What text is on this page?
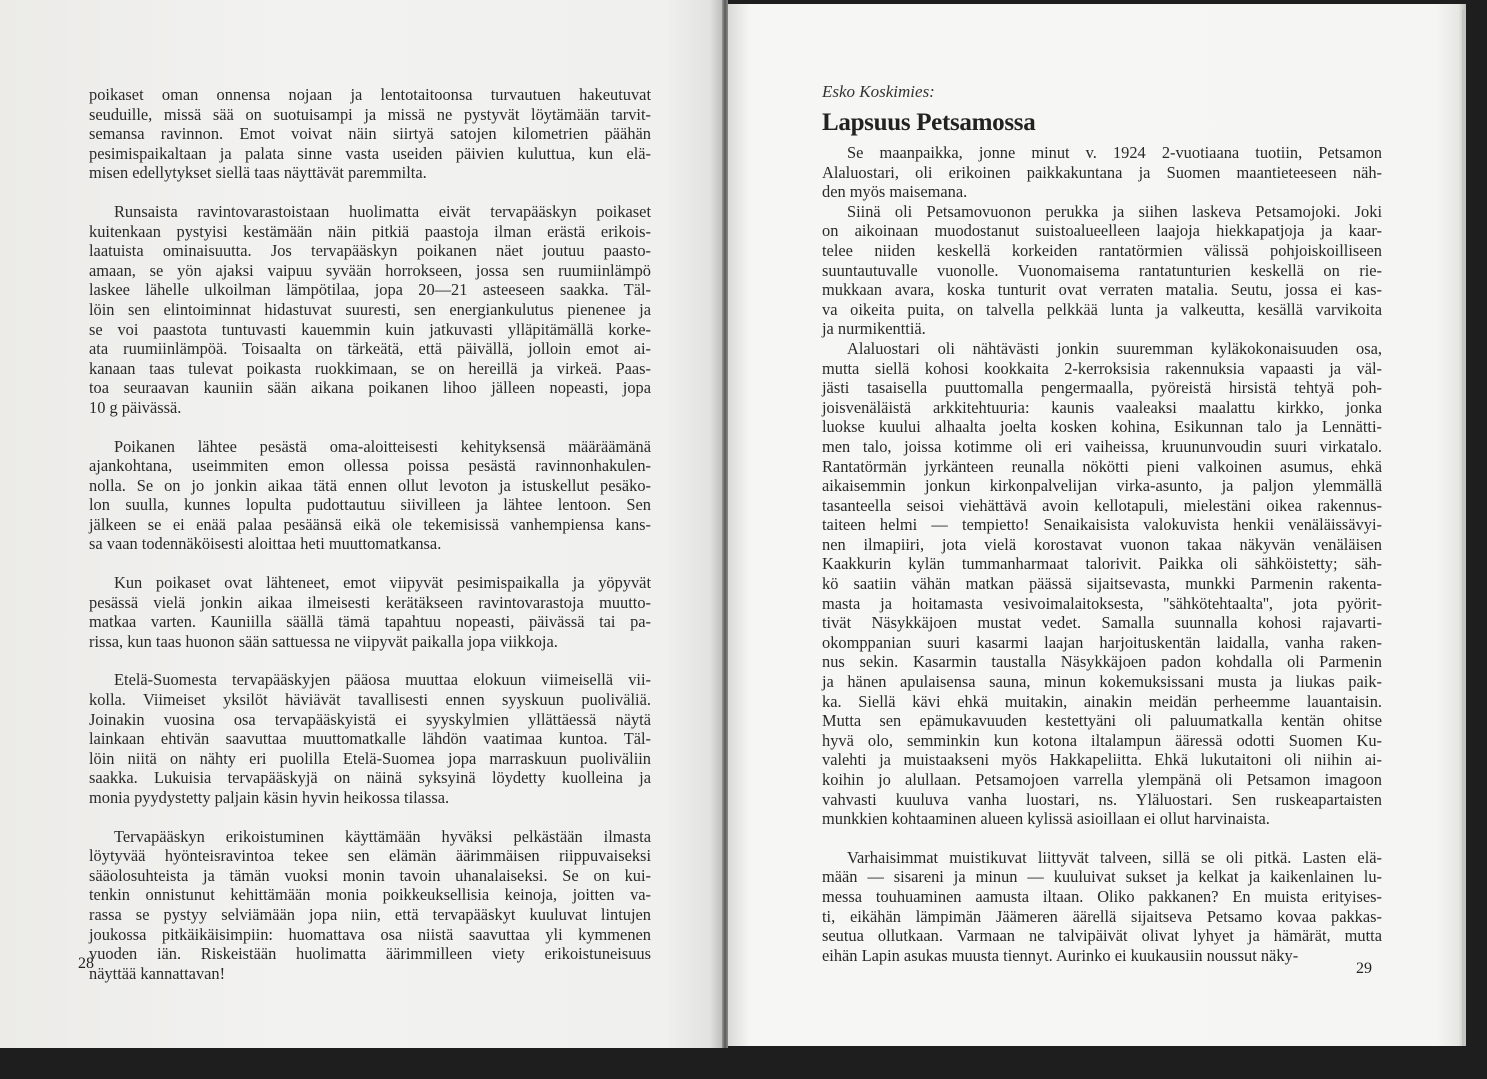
poikaset oman onnensa nojaan ja lentotaitoonsa turvautuen hakeutuvat
seuduille, missä sää on suotuisampi ja missä ne pystyvät löytämään tarvit-
semansa ravinnon. Emot voivat näin siirtyä satojen kilometrien päähän
pesimispaikaltaan ja palata sinne vasta useiden päivien kuluttua, kun elä-
misen edellytykset siellä taas näyttävät paremmilta.
Runsaista ravintovarastoistaan huolimatta eivät tervapääskyn poikaset
kuitenkaan pystyisi kestämään näin pitkiä paastoja ilman erästä erikois-
laatuista ominaisuutta. Jos tervapääskyn poikanen näet joutuu paasto-
amaan, se yön ajaksi vaipuu syvään horrokseen, jossa sen ruumiinlämpö
laskee lähelle ulkoilman lämpötilaa, jopa 20—21 asteeseen saakka. Täl-
löin sen elintoiminnat hidastuvat suuresti, sen energiankulutus pienenee ja
se voi paastota tuntuvasti kauemmin kuin jatkuvasti ylläpitämällä korke-
ata ruumiinlämpöä. Toisaalta on tärkeätä, että päivällä, jolloin emot ai-
kanaan taas tulevat poikasta ruokkimaan, se on hereillä ja virkeä. Paas-
toa seuraavan kauniin sään aikana poikanen lihoo jälleen nopeasti, jopa
10 g päivässä.
Poikanen lähtee pesästä oma-aloitteisesti kehityksensä määräämänä
ajankohtana, useimmiten emon ollessa poissa pesästä ravinnonhakulen-
nolla. Se on jo jonkin aikaa tätä ennen ollut levoton ja istuskellut pesäko-
lon suulla, kunnes lopulta pudottautuu siivilleen ja lähtee lentoon. Sen
jälkeen se ei enää palaa pesäänsä eikä ole tekemisissä vanhempiensa kans-
sa vaan todennäköisesti aloittaa heti muuttomatkansa.
Kun poikaset ovat lähteneet, emot viipyvät pesimispaikalla ja yöpyvät
pesässä vielä jonkin aikaa ilmeisesti kerätäkseen ravintovarastoja muutto-
matkaa varten. Kauniilla säällä tämä tapahtuu nopeasti, päivässä tai pa-
rissa, kun taas huonon sään sattuessa ne viipyvät paikalla jopa viikkoja.
Etelä-Suomesta tervapääskyjen pääosa muuttaa elokuun viimeisellä vii-
kolla. Viimeiset yksilöt häviävät tavallisesti ennen syyskuun puoliväliä.
Joinakin vuosina osa tervapääskyistä ei syyskylmien yllättäessä näytä
lainkaan ehtivän saavuttaa muuttomatkalle lähdön vaatimaa kuntoa. Täl-
löin niitä on nähty eri puolilla Etelä-Suomea jopa marraskuun puoliväliin
saakka. Lukuisia tervapääskyjä on näinä syksyinä löydetty kuolleina ja
monia pyydystetty paljain käsin hyvin heikossa tilassa.
Tervapääskyn erikoistuminen käyttämään hyväksi pelkästään ilmasta
löytyvää hyönteisravintoa tekee sen elämän äärimmäisen riippuvaiseksi
sääolosuhteista ja tämän vuoksi monin tavoin uhanalaiseksi. Se on kui-
tenkin onnistunut kehittämään monia poikkeuksellisia keinoja, joitten va-
rassa se pystyy selviämään jopa niin, että tervapääskyt kuuluvat lintujen
joukossa pitkäikäisimpiin: huomattava osa niistä saavuttaa yli kymmenen
vuoden iän. Riskeistään huolimatta äärimmilleen viety erikoistuneisuus
näyttää kannattavan!
28
Esko Koskimies:
Lapsuus Petsamossa
Se maanpaikka, jonne minut v. 1924 2-vuotiaana tuotiin, Petsamon
Alaluostari, oli erikoinen paikkakuntana ja Suomen maantieteeseen näh-
den myös maisemana.
Siinä oli Petsamovuonon perukka ja siihen laskeva Petsamojoki. Joki
on aikoinaan muodostanut suistoalueelleen laajoja hiekkapatjoja ja kaar-
telee niiden keskellä korkeiden rantatörmien välissä pohjoiskoilliseen
suuntautuvalle vuonolle. Vuonomaisema rantatunturien keskellä on rie-
mukkaan avara, koska tunturit ovat verraten matalia. Seutu, jossa ei kas-
va oikeita puita, on talvella pelkkää lunta ja valkeutta, kesällä varvikoita
ja nurmikenttiä.
Alaluostari oli nähtävästi jonkin suuremman kyläkokonaisuuden osa,
mutta siellä kohosi kookkaita 2-kerroksisia rakennuksia vapaasti ja väl-
jästi tasaisella puuttomalla pengermaalla, pyöreistä hirsistä tehtyä poh-
joisvenäläistä arkkitehtuuria: kaunis vaaleaksi maalattu kirkko, jonka
luokse kuului alhaalta joelta kosken kohina, Esikunnan talo ja Lennätti-
men talo, joissa kotimme oli eri vaiheissa, kruununvoudin suuri virkatalo.
Rantatörmän jyrkänteen reunalla nökötti pieni valkoinen asumus, ehkä
aikaisemmin jonkun kirkonpalvelijan virka-asunto, ja paljon ylemmällä
tasanteella seisoi viehättävä avoin kellotapuli, mielestäni oikea rakennus-
taiteen helmi — tempietto! Senaikaisista valokuvista henkii venäläissävyi-
nen ilmapiiri, jota vielä korostavat vuonon takaa näkyvän venäläisen
Kaakkurin kylän tummanharmaat talorivit. Paikka oli sähköistetty; säh-
kö saatiin vähän matkan päässä sijaitsevasta, munkki Parmenin rakenta-
masta ja hoitamasta vesivoimalaitoksesta, ''sähkötehtaalta'', jota pyörit-
tivät Näsykkäjoen mustat vedet. Samalla suunnalla kohosi rajavarti-
okomppanian suuri kasarmi laajan harjoituskentän laidalla, vanha raken-
nus sekin. Kasarmin taustalla Näsykkäjoen padon kohdalla oli Parmenin
ja hänen apulaisensa sauna, minun kokemuksissani musta ja liukas paik-
ka. Siellä kävi ehkä muitakin, ainakin meidän perheemme lauantaisin.
Mutta sen epämukavuuden kestettyäni oli paluumatkalla kentän ohitse
hyvä olo, semminkin kun kotona iltalampun ääressä odotti Suomen Ku-
valehti ja muistaakseni myös Hakkapeliitta. Ehkä lukutaitoni oli niihin ai-
koihin jo alullaan. Petsamojoen varrella ylempänä oli Petsamon imagoon
vahvasti kuuluva vanha luostari, ns. Yläluostari. Sen ruskeapartaisten
munkkien kohtaaminen alueen kylissä asioillaan ei ollut harvinaista.
Varhaisimmat muistikuvat liittyvät talveen, sillä se oli pitkä. Lasten elä-
mään — sisareni ja minun — kuuluivat sukset ja kelkat ja kaikenlainen lu-
messa touhuaminen aamusta iltaan. Oliko pakkanen? En muista erityises-
ti, eikähän lämpimän Jäämeren äärellä sijaitseva Petsamo kovaa pakkas-
seutua ollutkaan. Varmaan ne talvipäivät olivat lyhyet ja hämärät, mutta
eihän Lapin asukas muusta tiennyt. Aurinko ei kuukausiin noussut näky-
29
